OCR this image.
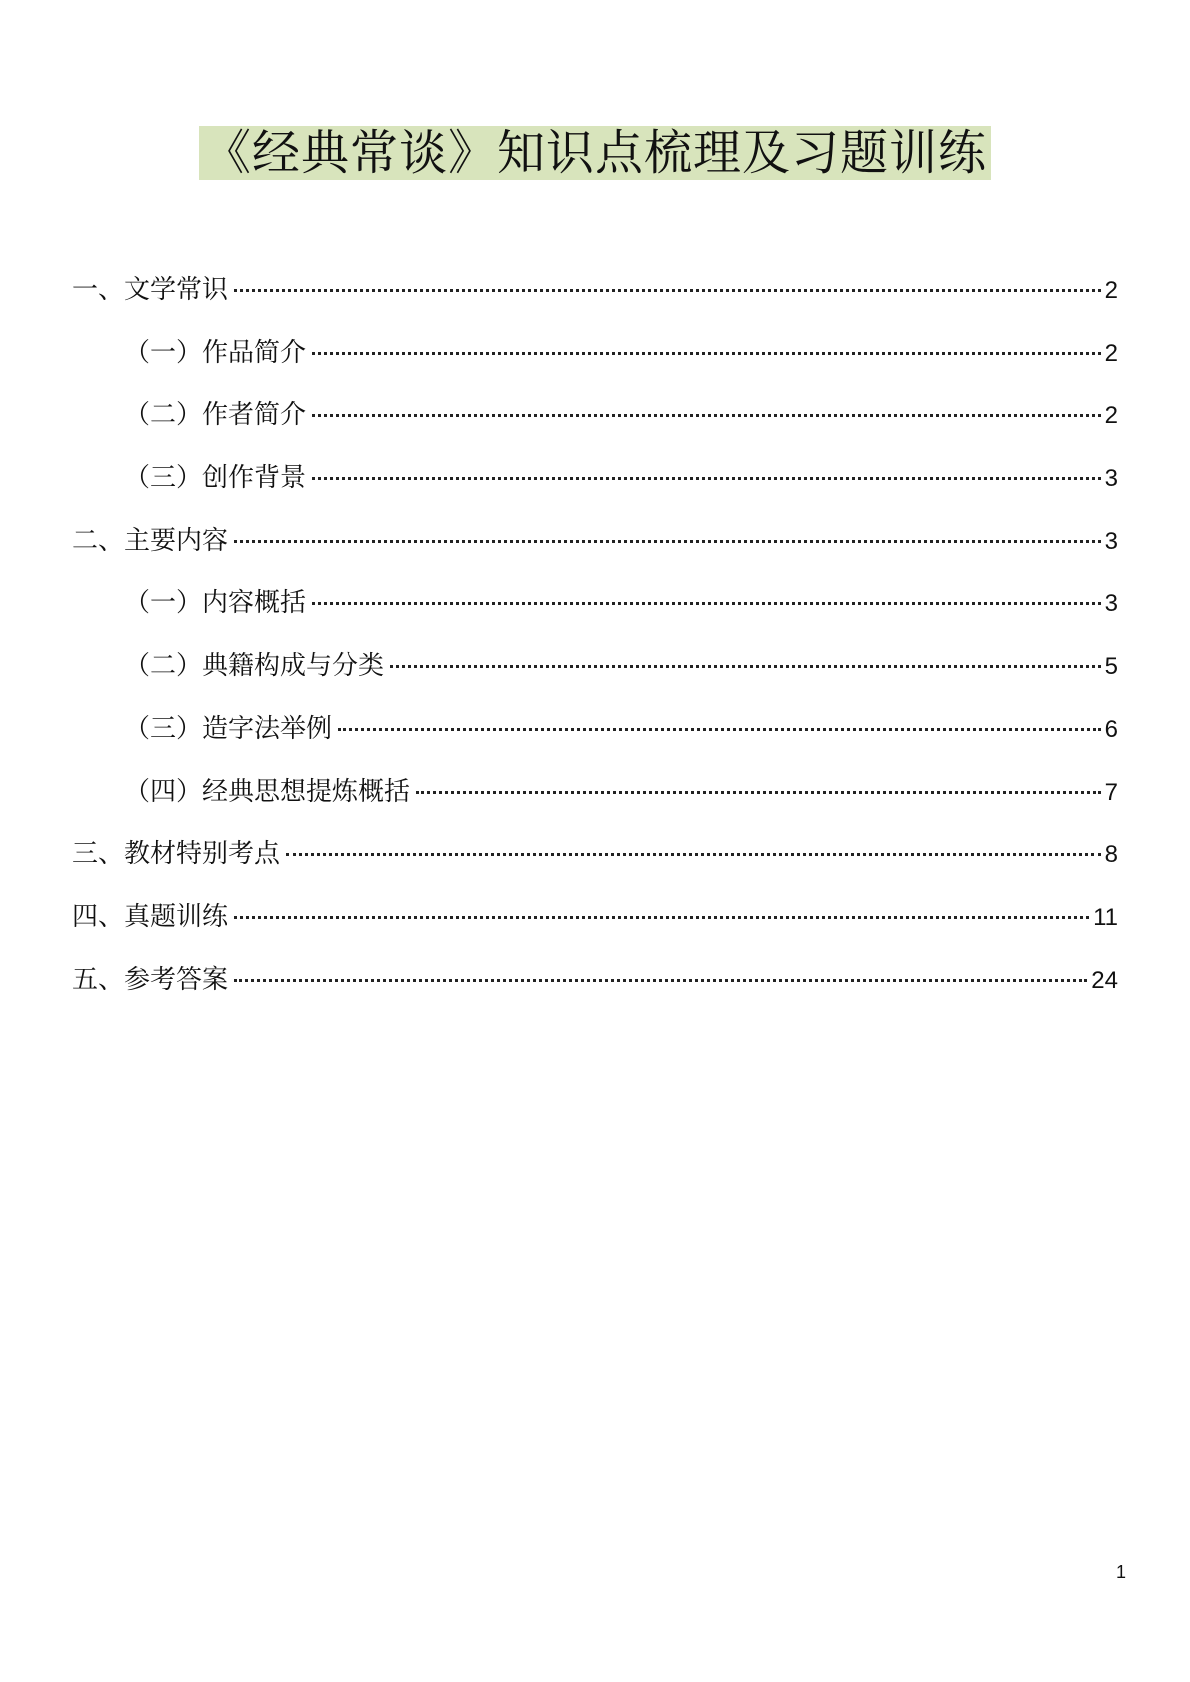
《经典常谈》知识点梳理及习题训练
一、文学常识	2
（一）作品简介	2
（二）作者简介	2
（三）创作背景	3
二、主要内容	3
（一）内容概括	3
（二）典籍构成与分类	5
（三）造字法举例	6
（四）经典思想提炼概括	7
三、教材特别考点	8
四、真题训练	11
五、参考答案	24
1
